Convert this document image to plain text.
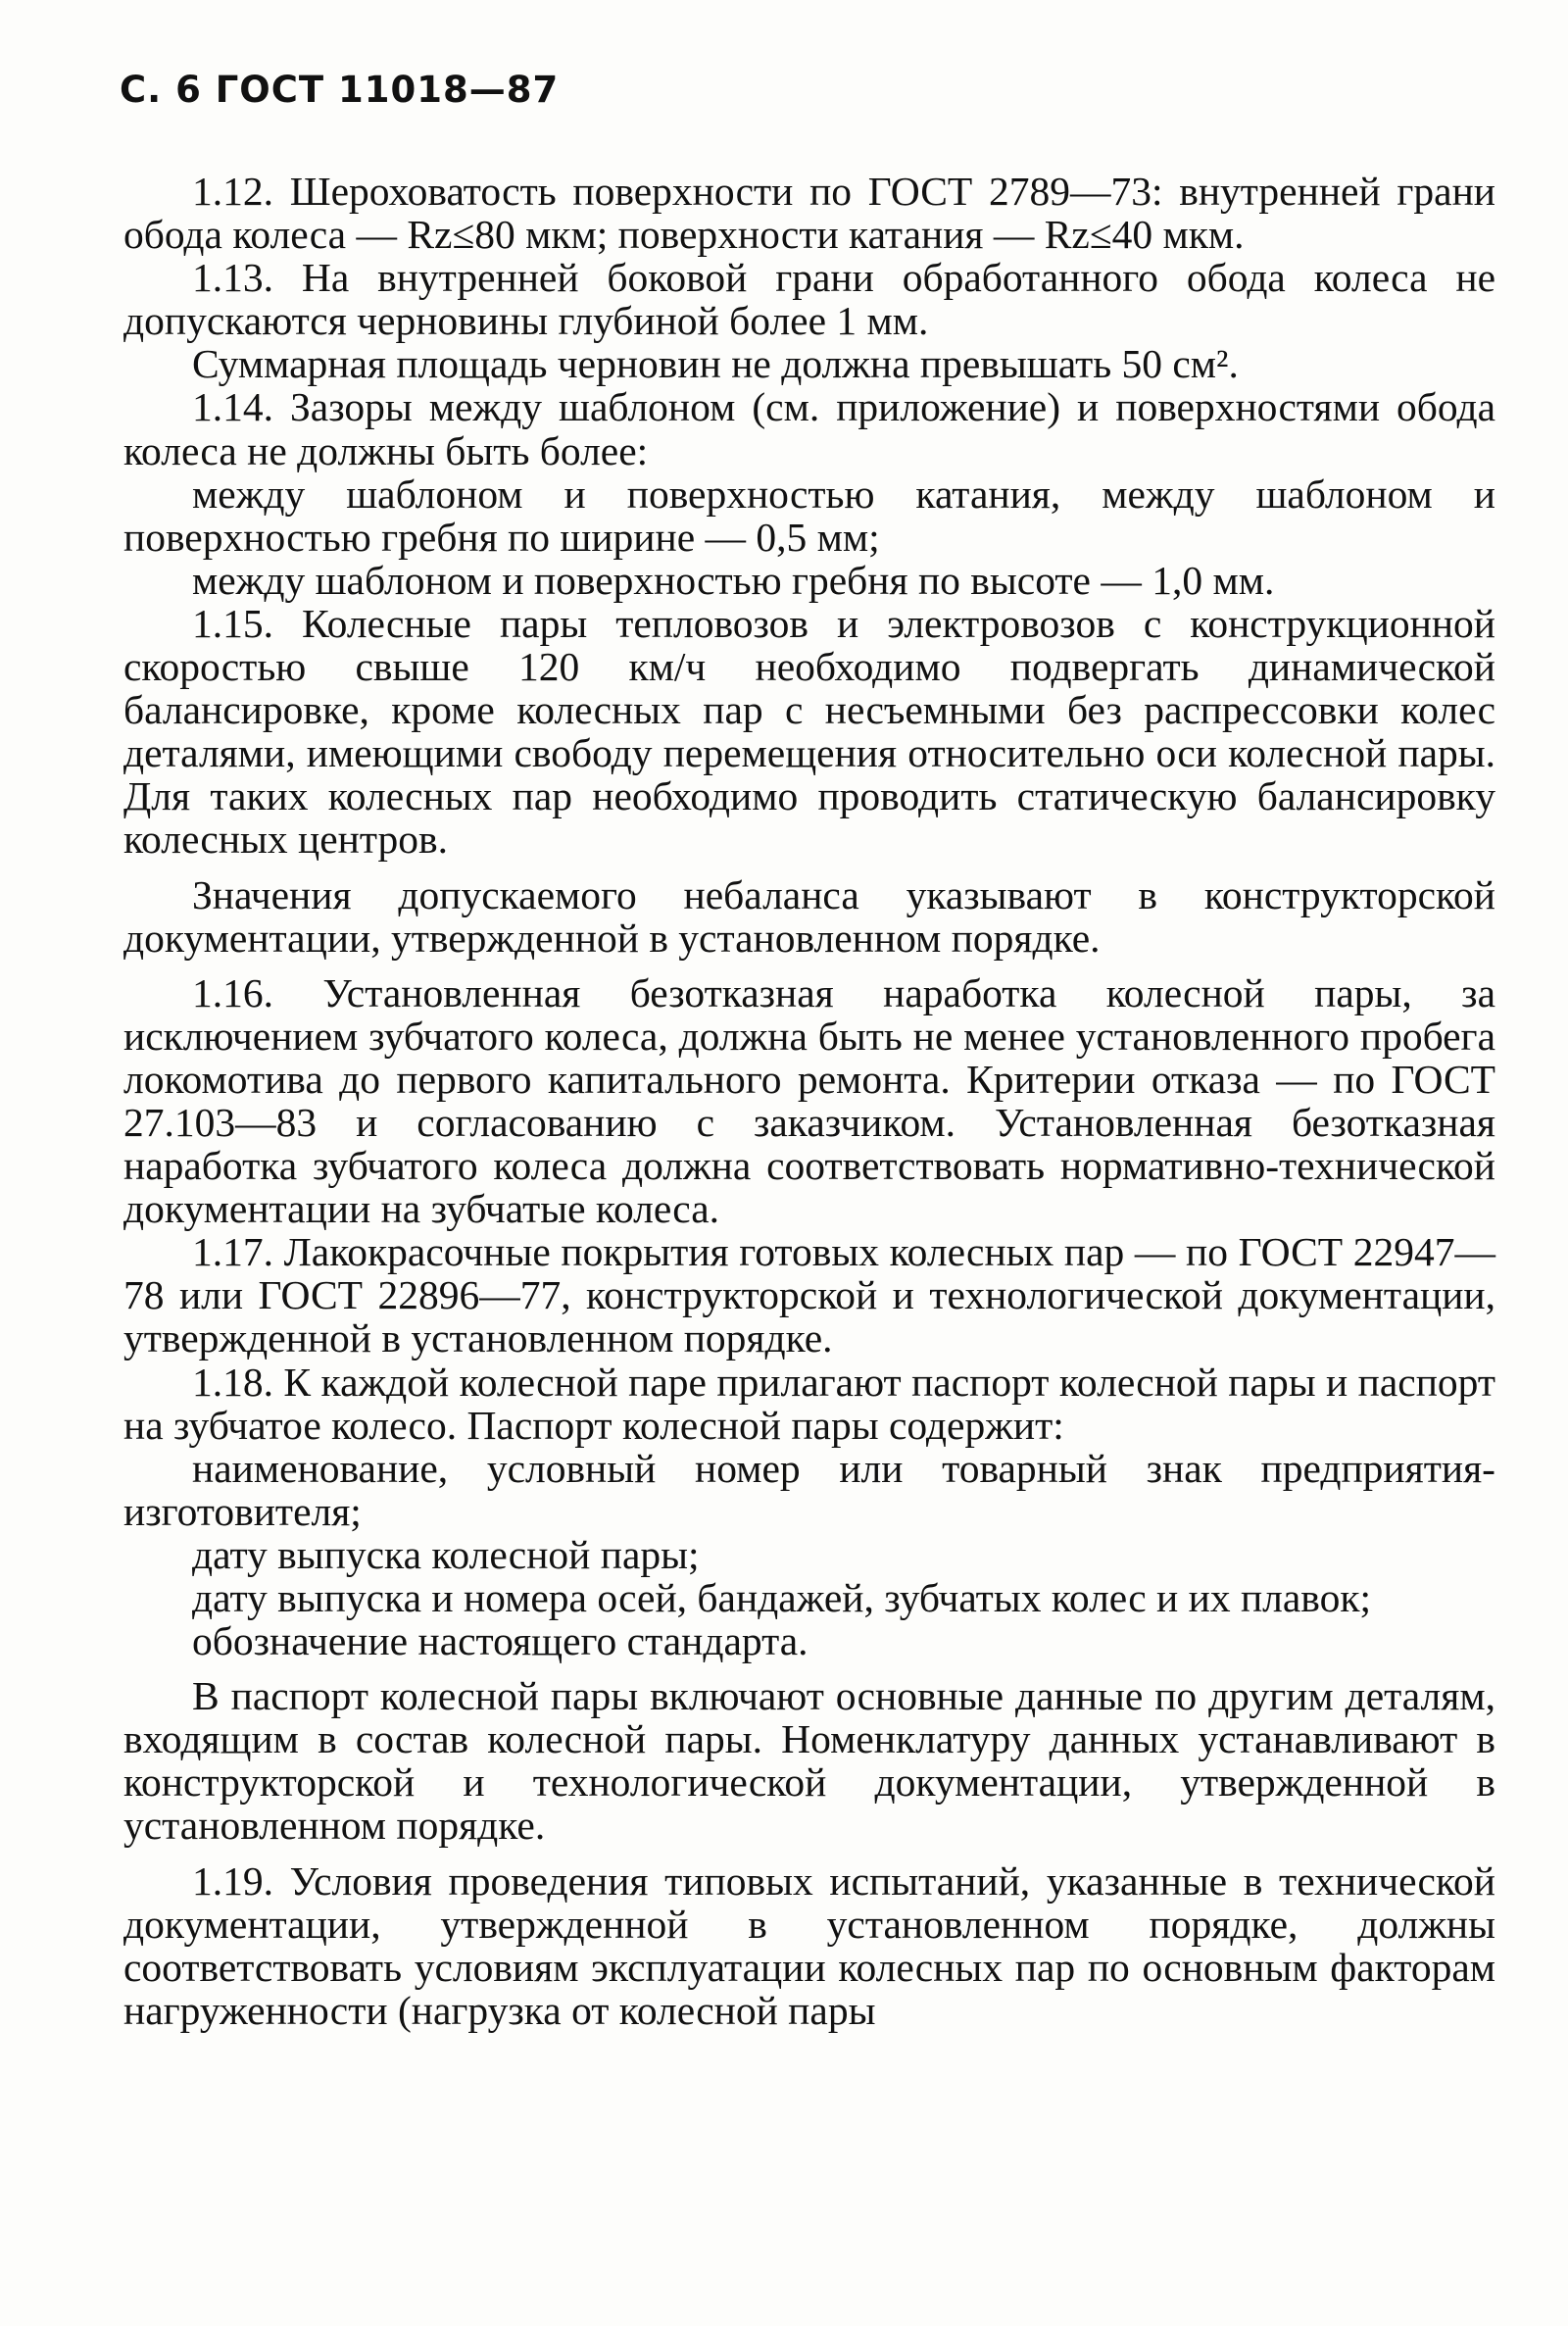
С. 6 ГОСТ 11018—87

1.12. Шероховатость поверхности по ГОСТ 2789—73: внутренней грани обода колеса — Rz≤80 мкм; поверхности катания — Rz≤40 мкм.

1.13. На внутренней боковой грани обработанного обода колеса не допускаются черновины глубиной более 1 мм.

Суммарная площадь черновин не должна превышать 50 см².

1.14. Зазоры между шаблоном (см. приложение) и поверхностями обода колеса не должны быть более:

между шаблоном и поверхностью катания, между шаблоном и поверхностью гребня по ширине — 0,5 мм;

между шаблоном и поверхностью гребня по высоте — 1,0 мм.

1.15. Колесные пары тепловозов и электровозов с конструкционной скоростью свыше 120 км/ч необходимо подвергать динамической балансировке, кроме колесных пар с несъемными без распрессовки колес деталями, имеющими свободу перемещения относительно оси колесной пары. Для таких колесных пар необходимо проводить статическую балансировку колесных центров.

Значения допускаемого небаланса указывают в конструкторской документации, утвержденной в установленном порядке.

1.16. Установленная безотказная наработка колесной пары, за исключением зубчатого колеса, должна быть не менее установленного пробега локомотива до первого капитального ремонта. Критерии отказа — по ГОСТ 27.103—83 и согласованию с заказчиком. Установленная безотказная наработка зубчатого колеса должна соответствовать нормативно-технической документации на зубчатые колеса.

1.17. Лакокрасочные покрытия готовых колесных пар — по ГОСТ 22947—78 или ГОСТ 22896—77, конструкторской и технологической документации, утвержденной в установленном порядке.

1.18. К каждой колесной паре прилагают паспорт колесной пары и паспорт на зубчатое колесо. Паспорт колесной пары содержит:

наименование, условный номер или товарный знак предприятия-изготовителя;

дату выпуска колесной пары;

дату выпуска и номера осей, бандажей, зубчатых колес и их плавок;

обозначение настоящего стандарта.

В паспорт колесной пары включают основные данные по другим деталям, входящим в состав колесной пары. Номенклатуру данных устанавливают в конструкторской и технологической документации, утвержденной в установленном порядке.

1.19. Условия проведения типовых испытаний, указанные в технической документации, утвержденной в установленном порядке, должны соответствовать условиям эксплуатации колесных пар по основным факторам нагруженности (нагрузка от колесной пары
